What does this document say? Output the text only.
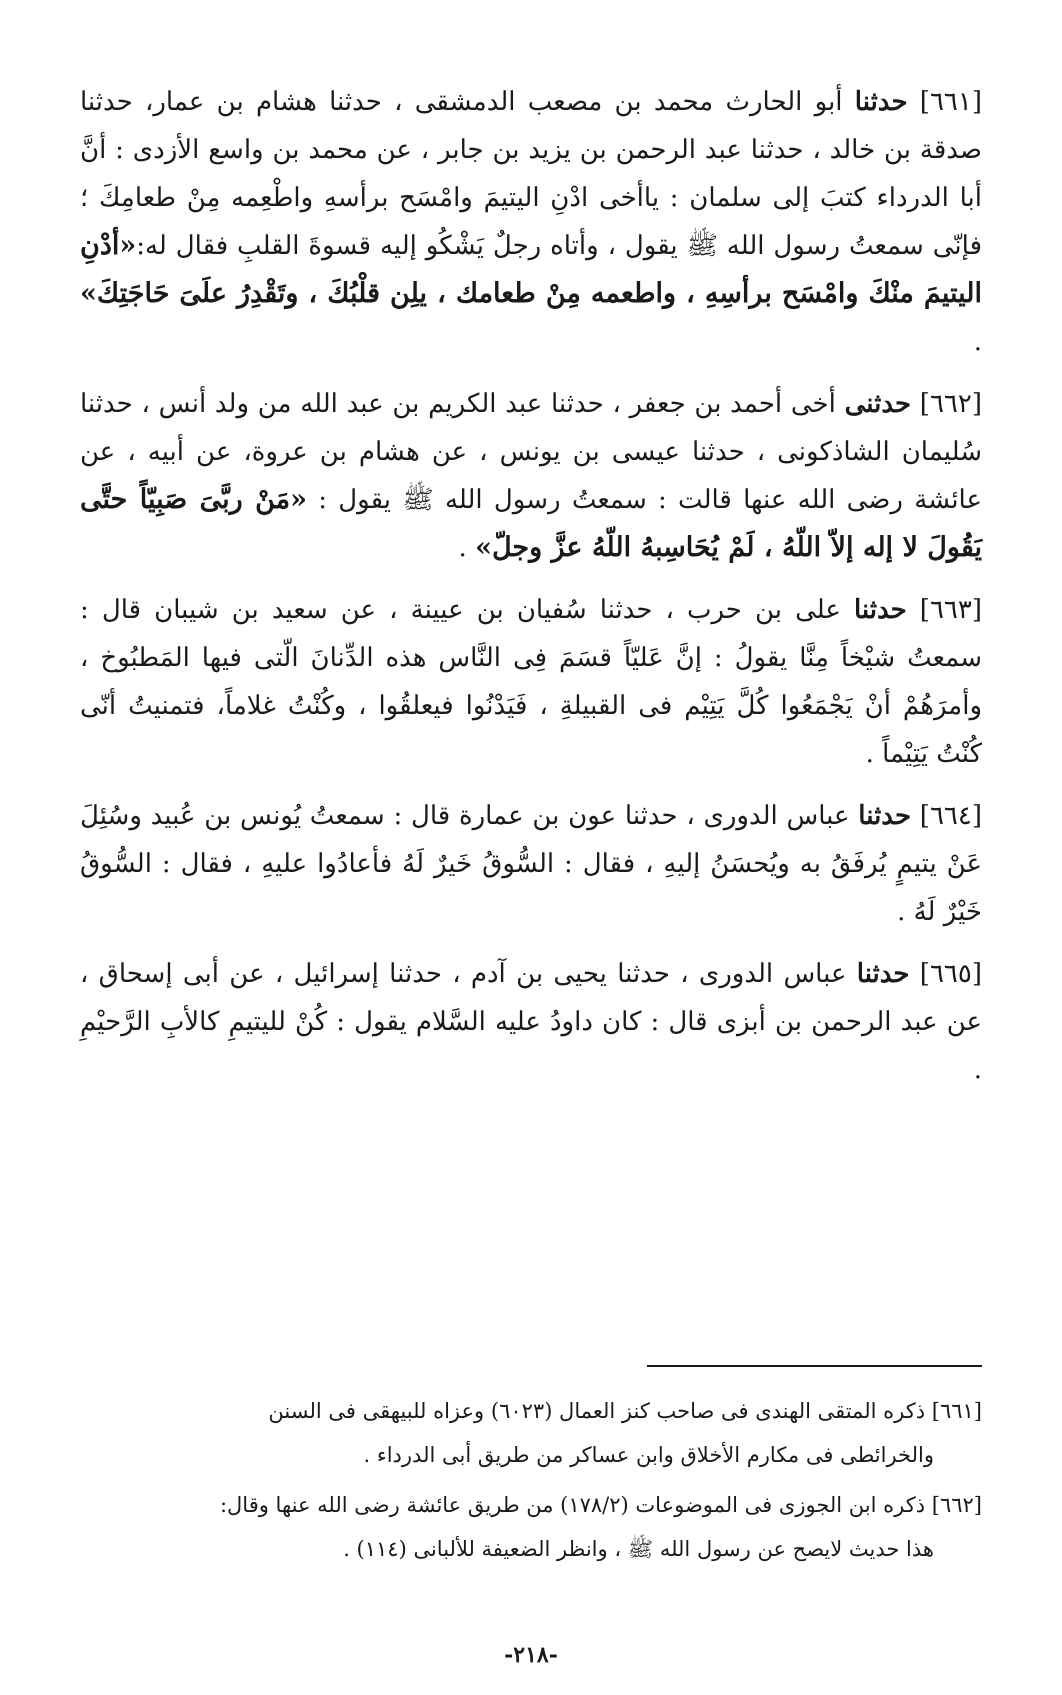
[٦٦١] حدثنا أبو الحارث محمد بن مصعب الدمشقى ، حدثنا هشام بن عمار، حدثنا صدقة بن خالد ، حدثنا عبد الرحمن بن يزيد بن جابر ، عن محمد بن واسع الأزدى : أنَّ أبا الدرداء كتبَ إلى سلمان : ياأخى ادْنِ اليتيمَ وامْسَح برأسهِ واطْعِمه مِنْ طعامِكَ ؛ فإنّى سمعتُ رسول الله ﷺ يقول ، وأتاه رجلٌ يَشْكُو إليه قسوةَ القلبِ فقال له:«أدْنِ اليتيمَ منْكَ وامْسَح برأسِهِ ، واطعمه مِنْ طعامك ، يلِن قلْبُكَ ، وتَقْدِرُ علَىَ حَاجَتِكَ» .

[٦٦٢] حدثنى أخى أحمد بن جعفر ، حدثنا عبد الكريم بن عبد الله من ولد أنس ، حدثنا سُليمان الشاذكونى ، حدثنا عيسى بن يونس ، عن هشام بن عروة، عن أبيه ، عن عائشة رضى الله عنها قالت : سمعتُ رسول الله ﷺ يقول : «مَنْ ربَّىَ صَبِيّاً حتَّى يَقُولَ لا إله إلاّ اللّهُ ، لَمْ يُحَاسِبهُ اللّهُ عزَّ وجلّ» .

[٦٦٣] حدثنا على بن حرب ، حدثنا سُفيان بن عيينة ، عن سعيد بن شيبان قال : سمعتُ شيْخاً مِنَّا يقولُ : إنَّ عَليّاً قسَمَ فِى النَّاس هذه الدِّنانَ الّتى فيها المَطبُوخ ، وأمرَهُمْ أنْ يَجْمَعُوا كُلَّ يَتِيْم فى القبيلةِ ، فَيَدْنُوا فيعلقُوا ، وكُنْتُ غلاماً، فتمنيتُ أنّى كُنْتُ يَتِيْماً .

[٦٦٤] حدثنا عباس الدورى ، حدثنا عون بن عمارة قال : سمعتُ يُونس بن عُبيد وسُئِلَ عَنْ يتيمٍ يُرفَقُ به ويُحسَنُ إليهِ ، فقال : السُّوقُ خَيرٌ لَهُ فأعادُوا عليهِ ، فقال : السُّوقُ خَيْرٌ لَهُ .

[٦٦٥] حدثنا عباس الدورى ، حدثنا يحيى بن آدم ، حدثنا إسرائيل ، عن أبى إسحاق ، عن عبد الرحمن بن أبزى قال : كان داودُ عليه السَّلام يقول : كُنْ لليتيمِ كالأبِ الرَّحيْمِ .

[٦٦١] ذكره المتقى الهندى فى صاحب كنز العمال (٦٠٢٣) وعزاه للبيهقى فى السنن
والخرائطى فى مكارم الأخلاق وابن عساكر من طريق أبى الدرداء .

[٦٦٢] ذكره ابن الجوزى فى الموضوعات (١٧٨/٢) من طريق عائشة رضى الله عنها وقال:
هذا حديث لايصح عن رسول الله ﷺ ، وانظر الضعيفة للألبانى (١١٤) .

-٢١٨-
